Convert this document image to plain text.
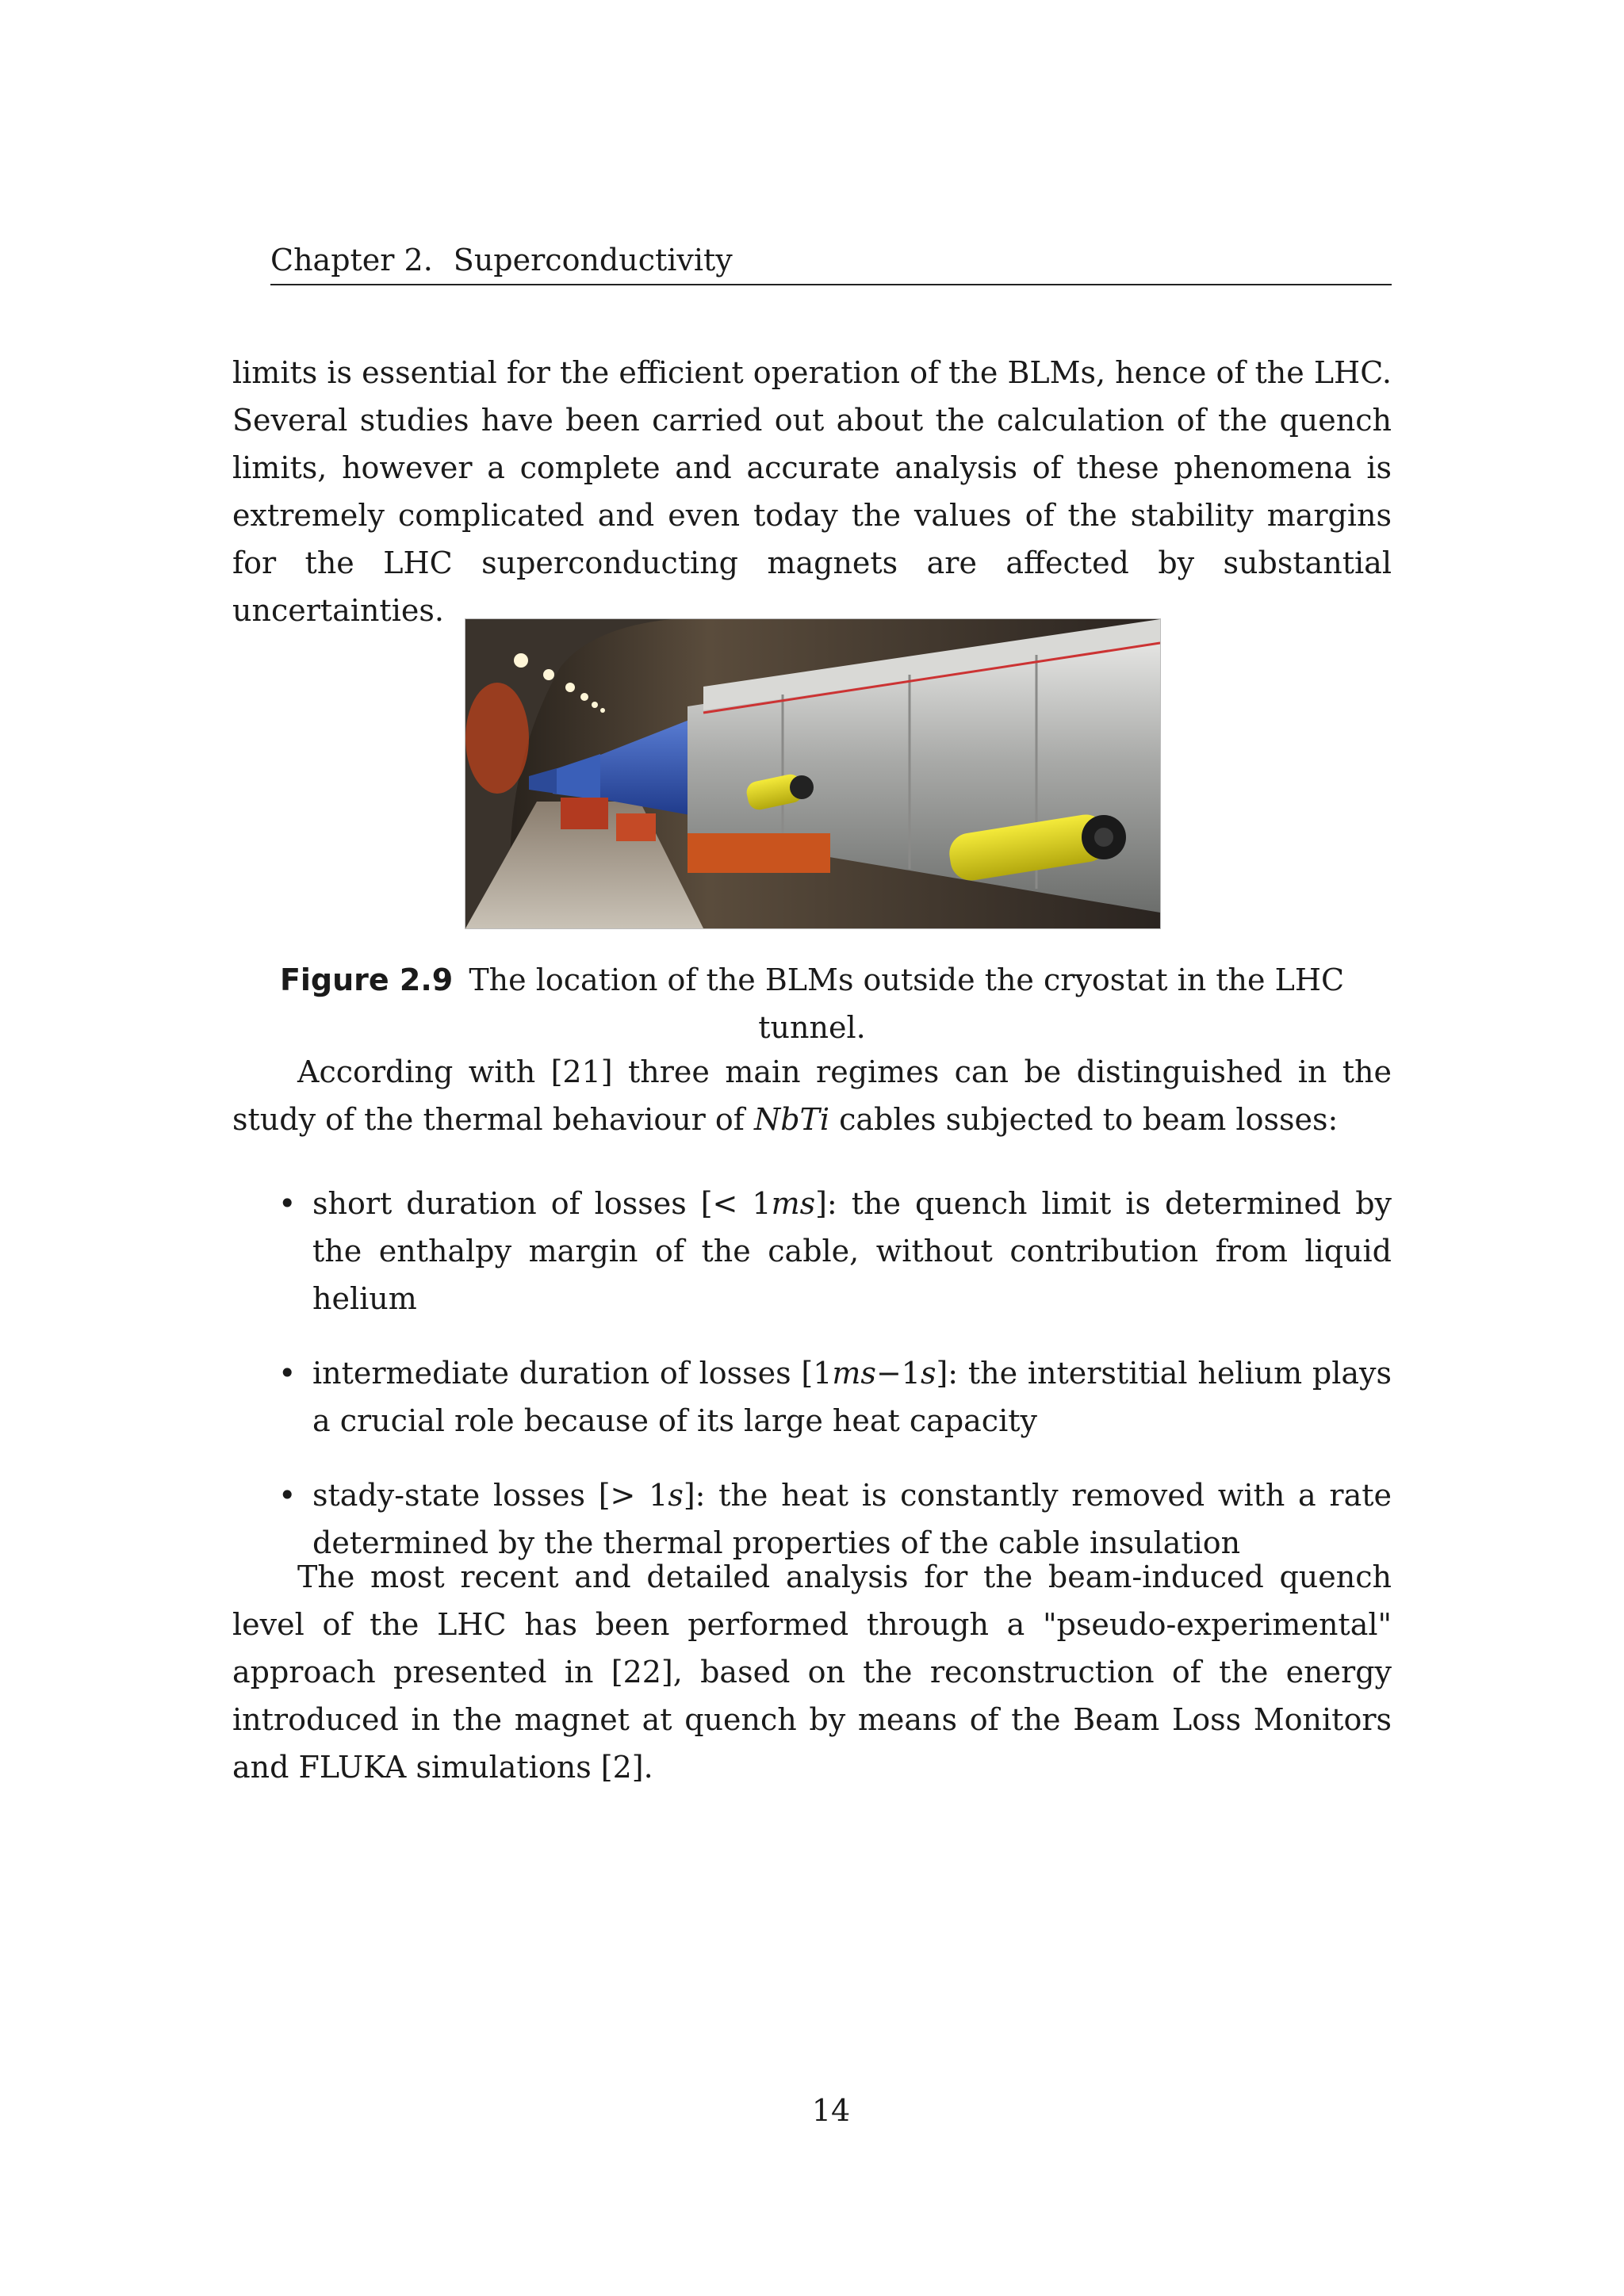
Chapter 2. Superconductivity

limits is essential for the efficient operation of the BLMs, hence of the LHC. Several studies have been carried out about the calculation of the quench limits, however a complete and accurate analysis of these phenomena is extremely complicated and even today the values of the stability margins for the LHC superconducting magnets are affected by substantial uncertainties.

Figure 2.9 The location of the BLMs outside the cryostat in the LHC tunnel.

According with [21] three main regimes can be distinguished in the study of the thermal behaviour of NbTi cables subjected to beam losses:

• short duration of losses [< 1ms]: the quench limit is determined by the enthalpy margin of the cable, without contribution from liquid helium
• intermediate duration of losses [1ms−1s]: the interstitial helium plays a crucial role because of its large heat capacity
• stady-state losses [> 1s]: the heat is constantly removed with a rate determined by the thermal properties of the cable insulation

The most recent and detailed analysis for the beam-induced quench level of the LHC has been performed through a "pseudo-experimental" approach presented in [22], based on the reconstruction of the energy introduced in the magnet at quench by means of the Beam Loss Monitors and FLUKA simulations [2].

14
